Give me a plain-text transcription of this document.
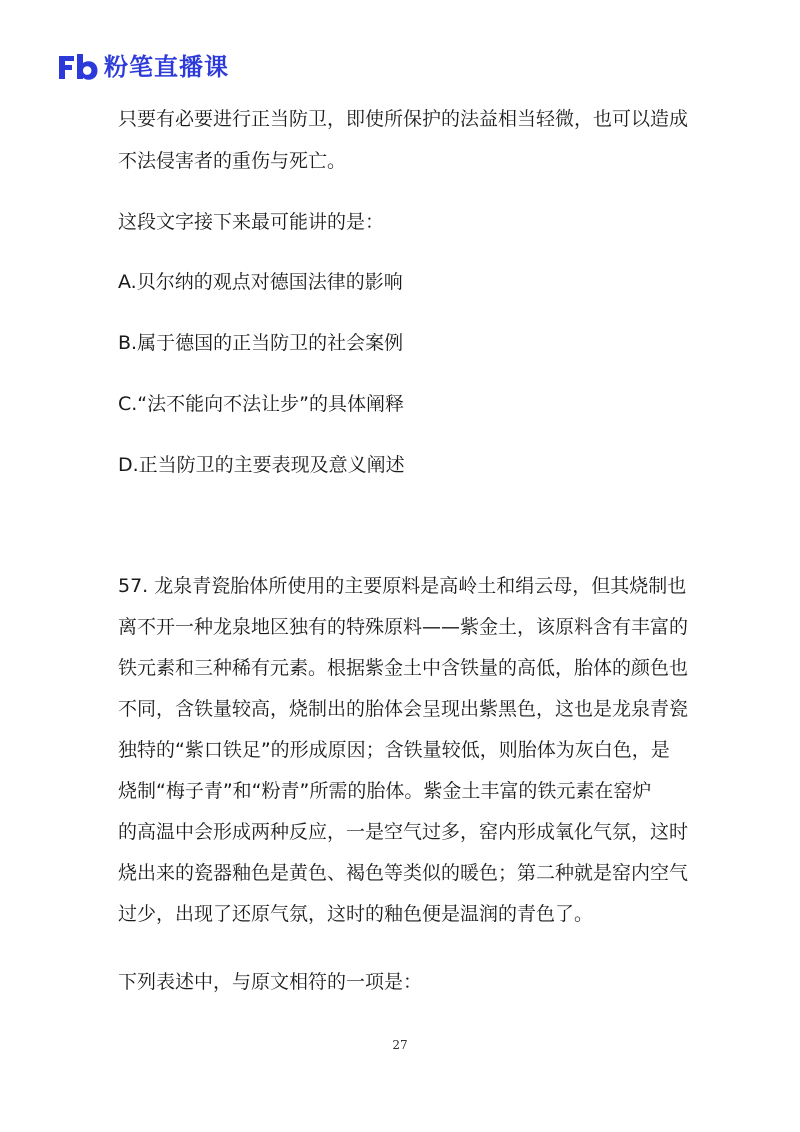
粉笔直播课
只要有必要进行正当防卫，即使所保护的法益相当轻微，也可以造成
不法侵害者的重伤与死亡。
这段文字接下来最可能讲的是：
A.贝尔纳的观点对德国法律的影响
B.属于德国的正当防卫的社会案例
C.“法不能向不法让步”的具体阐释
D.正当防卫的主要表现及意义阐述
57. 龙泉青瓷胎体所使用的主要原料是高岭土和绢云母，但其烧制也
离不开一种龙泉地区独有的特殊原料——紫金土，该原料含有丰富的
铁元素和三种稀有元素。根据紫金土中含铁量的高低，胎体的颜色也
不同，含铁量较高，烧制出的胎体会呈现出紫黑色，这也是龙泉青瓷
独特的“紫口铁足”的形成原因；含铁量较低，则胎体为灰白色，是
烧制“梅子青”和“粉青”所需的胎体。紫金土丰富的铁元素在窑炉
的高温中会形成两种反应，一是空气过多，窑内形成氧化气氛，这时
烧出来的瓷器釉色是黄色、褐色等类似的暖色；第二种就是窑内空气
过少，出现了还原气氛，这时的釉色便是温润的青色了。
下列表述中，与原文相符的一项是：
27
